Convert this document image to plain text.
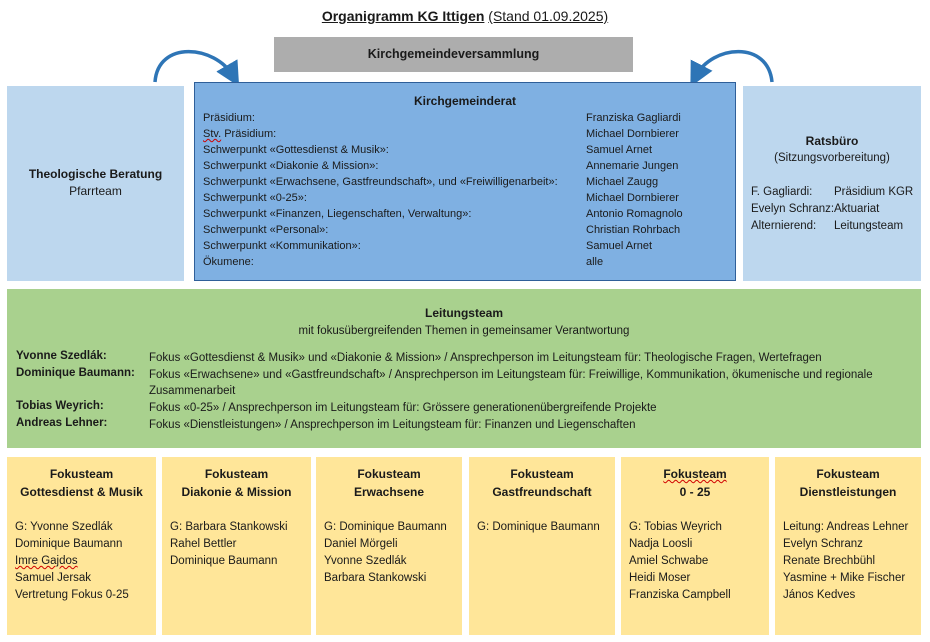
Organigramm KG Ittigen (Stand 01.09.2025)
Kirchgemeindeversammlung
Theologische Beratung
Pfarrteam
Kirchgemeinderat
Präsidium:	Franziska Gagliardi
Stv. Präsidium:	Michael Dornbierer
Schwerpunkt «Gottesdienst & Musik»:	Samuel Arnet
Schwerpunkt «Diakonie & Mission»:	Annemarie Jungen
Schwerpunkt «Erwachsene, Gastfreundschaft», und «Freiwilligenarbeit»:	Michael Zaugg
Schwerpunkt «0-25»:	Michael Dornbierer
Schwerpunkt «Finanzen, Liegenschaften, Verwaltung»:	Antonio Romagnolo
Schwerpunkt «Personal»:	Christian Rohrbach
Schwerpunkt «Kommunikation»:	Samuel Arnet
Ökumene:	alle
Ratsbüro
(Sitzungsvorbereitung)
F. Gagliardi: Präsidium KGR
Evelyn Schranz: Aktuariat
Alternierend: Leitungsteam
Leitungsteam
mit fokusübergreifenden Themen in gemeinsamer Verantwortung
Yvonne Szedlák:	Fokus «Gottesdienst & Musik» und «Diakonie & Mission» / Ansprechperson im Leitungsteam für: Theologische Fragen, Wertefragen
Dominique Baumann: Fokus «Erwachsene» und «Gastfreundschaft» / Ansprechperson im Leitungsteam für: Freiwillige, Kommunikation, ökumenische und regionale Zusammenarbeit
Tobias Weyrich:	Fokus «0-25» / Ansprechperson im Leitungsteam für: Grössere generationenübergreifende Projekte
Andreas Lehner:	Fokus «Dienstleistungen» / Ansprechperson im Leitungsteam für: Finanzen und Liegenschaften
Fokusteam
Gottesdienst & Musik
G: Yvonne Szedlák
Dominique Baumann
Imre Gajdos
Samuel Jersak
Vertretung Fokus 0-25
Fokusteam
Diakonie & Mission
G: Barbara Stankowski
Rahel Bettler
Dominique Baumann
Fokusteam
Erwachsene
G: Dominique Baumann
Daniel Mörgeli
Yvonne Szedlák
Barbara Stankowski
Fokusteam
Gastfreundschaft
G: Dominique Baumann
Fokusteam
0 - 25
G: Tobias Weyrich
Nadja Loosli
Amiel Schwabe
Heidi Moser
Franziska Campbell
Fokusteam
Dienstleistungen
Leitung: Andreas Lehner
Evelyn Schranz
Renate Brechbühl
Yasmine + Mike Fischer
János Kedves
